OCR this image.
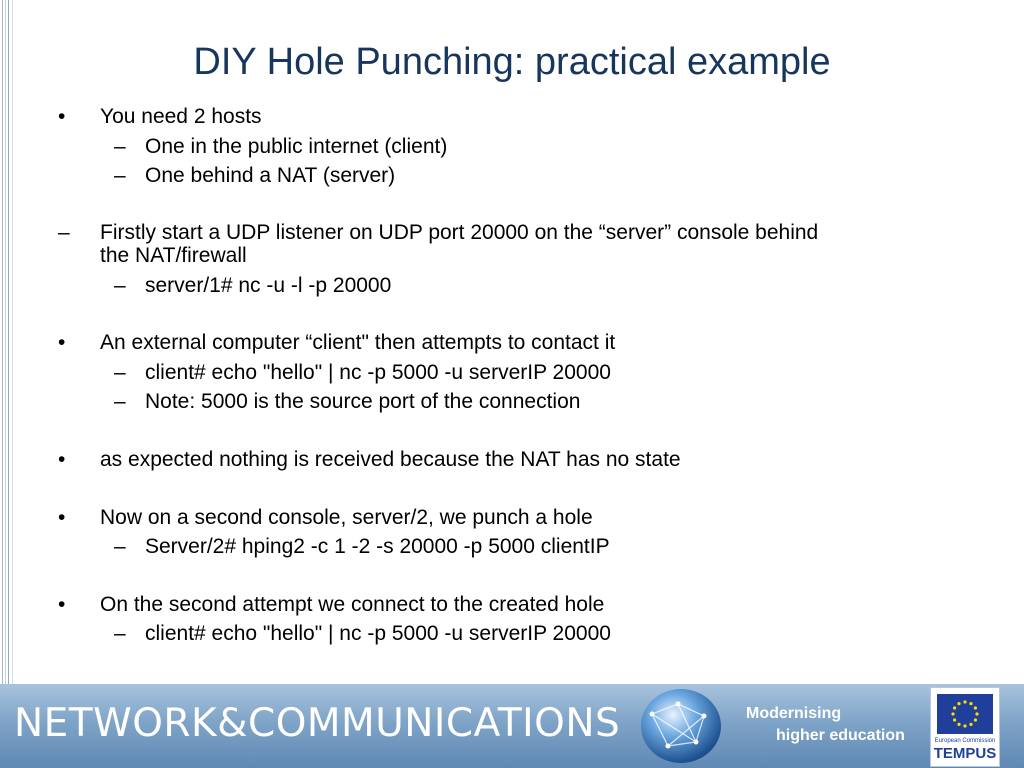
DIY Hole Punching: practical example
• You need 2 hosts
– One in the public internet (client)
– One behind a NAT (server)
– Firstly start a UDP listener on UDP port 20000 on the “server” console behind
the NAT/firewall
– server/1# nc -u -l -p 20000
• An external computer “client" then attempts to contact it
– client# echo "hello" | nc -p 5000 -u serverIP 20000
– Note: 5000 is the source port of the connection
• as expected nothing is received because the NAT has no state
• Now on a second console, server/2, we punch a hole
– Server/2# hping2 -c 1 -2 -s 20000 -p 5000 clientIP
• On the second attempt we connect to the created hole
– client# echo "hello" | nc -p 5000 -u serverIP 20000
NETWORK&COMMUNICATIONS	Modernising
higher education	European Commission
TEMPUS
